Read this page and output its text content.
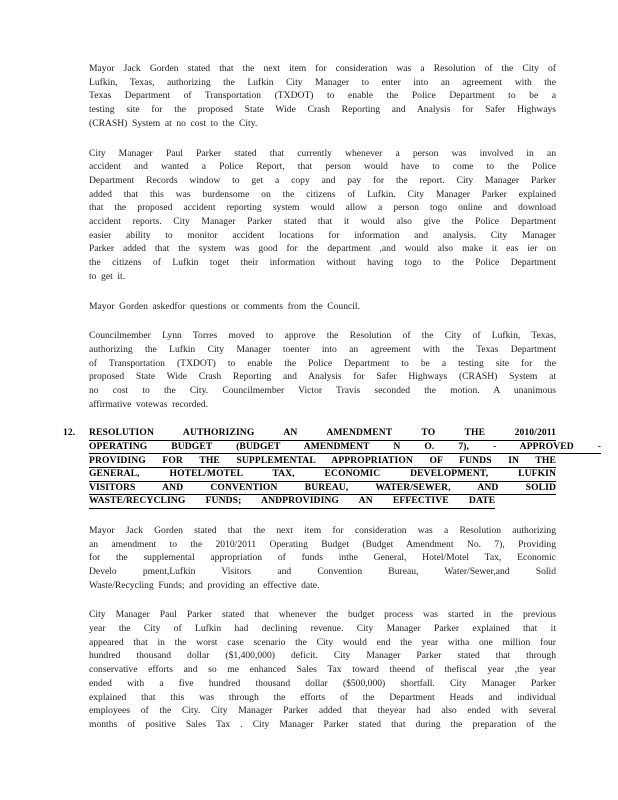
Mayor Jack Gorden stated that the next item for consideration was a Resolution of the City of
Lufkin, Texas, authorizing the Lufkin City Manager to enter into an agreement with the
Texas Department of Transportation (TXDOT) to enable the Police Department to be a
testing site for the proposed State Wide Crash Reporting and Analysis for Safer Highways
(CRASH) System at no cost to the City.
City Manager Paul Parker stated that currently whenever a person was involved in an
accident and wanted a Police Report, that person would have to come to the Police
Department Records window to get a copy and pay for the report. City Manager Parker
added that this was burdensome on the citizens of Lufkin. City Manager Parker explained
that the proposed accident reporting system would allow a person togo online and download
accident reports. City Manager Parker stated that it would also give the Police Department
easier ability to monitor accident locations for information and analysis. City Manager
Parker added that the system was good for the department ,and would also make it eas ier on
the citizens of Lufkin toget their information without having togo to the Police Department
to get it.
Mayor Gorden askedfor questions or comments from the Council.
Councilmember Lynn Torres moved to approve the Resolution of the City of Lufkin, Texas,
authorizing the Lufkin City Manager toenter into an agreement with the Texas Department
of Transportation (TXDOT) to enable the Police Department to be a testing site for the
proposed State Wide Crash Reporting and Analysis for Safer Highways (CRASH) System at
no cost to the City. Councilmember Victor Travis seconded the motion. A unanimous
affirmative votewas recorded.
12. RESOLUTION AUTHORIZING AN AMENDMENT TO THE 2010/2011
OPERATING BUDGET (BUDGET AMENDMENT N O. 7), - APPROVED -
PROVIDING FOR THE SUPPLEMENTAL APPROPRIATION OF FUNDS IN THE
GENERAL, HOTEL/MOTEL TAX, ECONOMIC DEVELOPMENT, LUFKIN
VISITORS AND CONVENTION BUREAU, WATER/SEWER, AND SOLID
WASTE/RECYCLING FUNDS; ANDPROVIDING AN EFFECTIVE DATE
Mayor Jack Gorden stated that the next item for consideration was a Resolution authorizing
an amendment to the 2010/2011 Operating Budget (Budget Amendment No. 7), Providing
for the supplemental appropriation of funds inthe General, Hotel/Motel Tax, Economic
Develo pment,Lufkin Visitors and Convention Bureau, Water/Sewer,and Solid
Waste/Recycling Funds; and providing an effective date.
City Manager Paul Parker stated that whenever the budget process was started in the previous
year the City of Lufkin had declining revenue. City Manager Parker explained that it
appeared that in the worst case scenario the City would end the year witha one million four
hundred thousand dollar ($1,400,000) deficit. City Manager Parker stated that through
conservative efforts and so me enhanced Sales Tax toward theend of thefiscal year ,the year
ended with a five hundred thousand dollar ($500,000) shortfall. City Manager Parker
explained that this was through the efforts of the Department Heads and individual
employees of the City. City Manager Parker added that theyear had also ended with several
months of positive Sales Tax . City Manager Parker stated that during the preparation of the
